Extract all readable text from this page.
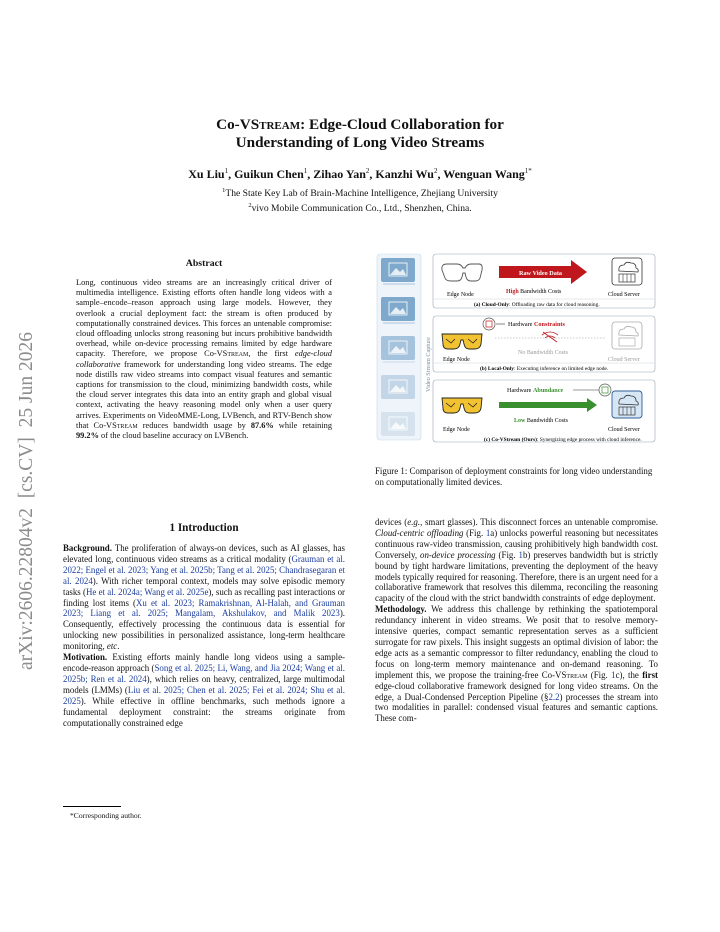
arXiv:2606.22804v2  [cs.CV]  25 Jun 2026
Co-VStream: Edge-Cloud Collaboration for
Understanding of Long Video Streams
Xu Liu$^1$, Guikun Chen$^1$, Zihao Yan$^2$, Kanzhi Wu$^2$, Wenguan Wang$^{1*}$
$^1$The State Key Lab of Brain-Machine Intelligence, Zhejiang University
$^2$vivo Mobile Communication Co., Ltd., Shenzhen, China.
Abstract
Long, continuous video streams are an increasingly critical driver of multimedia intelligence. Existing efforts often handle long videos with a sample–encode–reason approach using large models. However, they overlook a crucial deployment fact: the stream is often produced by computationally constrained devices. This forces an untenable compromise: cloud offloading unlocks strong reasoning but incurs prohibitive bandwidth overhead, while on-device processing remains limited by edge hardware capacity. Therefore, we propose Co-VStream, the first edge-cloud collaborative framework for understanding long video streams. The edge node distills raw video streams into compact visual features and semantic captions for transmission to the cloud, minimizing bandwidth costs, while the cloud server integrates this data into an entity graph and global visual context, activating the heavy reasoning model only when a user query arrives. Experiments on VideoMME-Long, LVBench, and RTV-Bench show that Co-VStream reduces bandwidth usage by 87.6% while retaining 99.2% of the cloud baseline accuracy on LVBench.
1 Introduction

Background. The proliferation of always-on devices, such as AI glasses, has elevated long, continuous video streams as a critical modality (Grauman et al. 2022; Engel et al. 2023; Yang et al. 2025b; Tang et al. 2025; Chandrasegaran et al. 2024). With richer temporal context, models may solve episodic memory tasks (He et al. 2024a; Wang et al. 2025e), such as recalling past interactions or finding lost items (Xu et al. 2023; Ramakrishnan, Al-Halah, and Grauman 2023; Liang et al. 2025; Mangalam, Akshulakov, and Malik 2023). Consequently, effectively processing the continuous data is essential for unlocking new possibilities in personalized assistance, long-term healthcare monitoring, etc.

Motivation. Existing efforts mainly handle long videos using a sample-encode-reason approach (Song et al. 2025; Li, Wang, and Jia 2024; Wang et al. 2025b; Ren et al. 2024), which relies on heavy, centralized, large multimodal models (LMMs) (Liu et al. 2025; Chen et al. 2025; Fei et al. 2024; Shu et al. 2025). While effective in offline benchmarks, such methods ignore a fundamental deployment constraint: the streams originate from computationally constrained edge

*Corresponding author.

devices (e.g., smart glasses). This disconnect forces an untenable compromise. Cloud-centric offloading (Fig. 1a) unlocks powerful reasoning but necessitates continuous raw-video transmission, causing prohibitively high bandwidth cost. Conversely, on-device processing (Fig. 1b) preserves bandwidth but is strictly bound by tight hardware limitations, preventing the deployment of the heavy models typically required for reasoning. Therefore, there is an urgent need for a collaborative framework that resolves this dilemma, reconciling the reasoning capacity of the cloud with the strict bandwidth constraints of edge deployment.

Methodology. We address this challenge by rethinking the spatiotemporal redundancy inherent in video streams. We posit that to resolve memory-intensive queries, compact semantic representation serves as a sufficient surrogate for raw pixels. This insight suggests an optimal division of labor: the edge acts as a semantic compressor to filter redundancy, enabling the cloud to focus on long-term memory maintenance and on-demand reasoning. To implement this, we propose the training-free Co-VStream (Fig. 1c), the first edge-cloud collaborative framework designed for long video streams. On the edge, a Dual-Condensed Perception Pipeline (§2.2) processes the stream into two modalities in parallel: condensed visual features and semantic captions. These com-

Video Stream Capture
Edge Node
Raw Video Data
High Bandwidth Costs	Cloud Server
(a) Cloud-Only: Offloading raw data for cloud reasoning.
Hardware Constraints
No Bandwidth Costs
Edge Node	Cloud Server
(b) Local-Only: Executing inference on limited edge node.
Hardware Abundance
Low Bandwidth Costs
Edge Node	Cloud Server
(c) Co-VStream (Ours): Synergizing edge process with cloud inference.
Figure 1: Comparison of deployment constraints for long video understanding on computationally limited devices.
